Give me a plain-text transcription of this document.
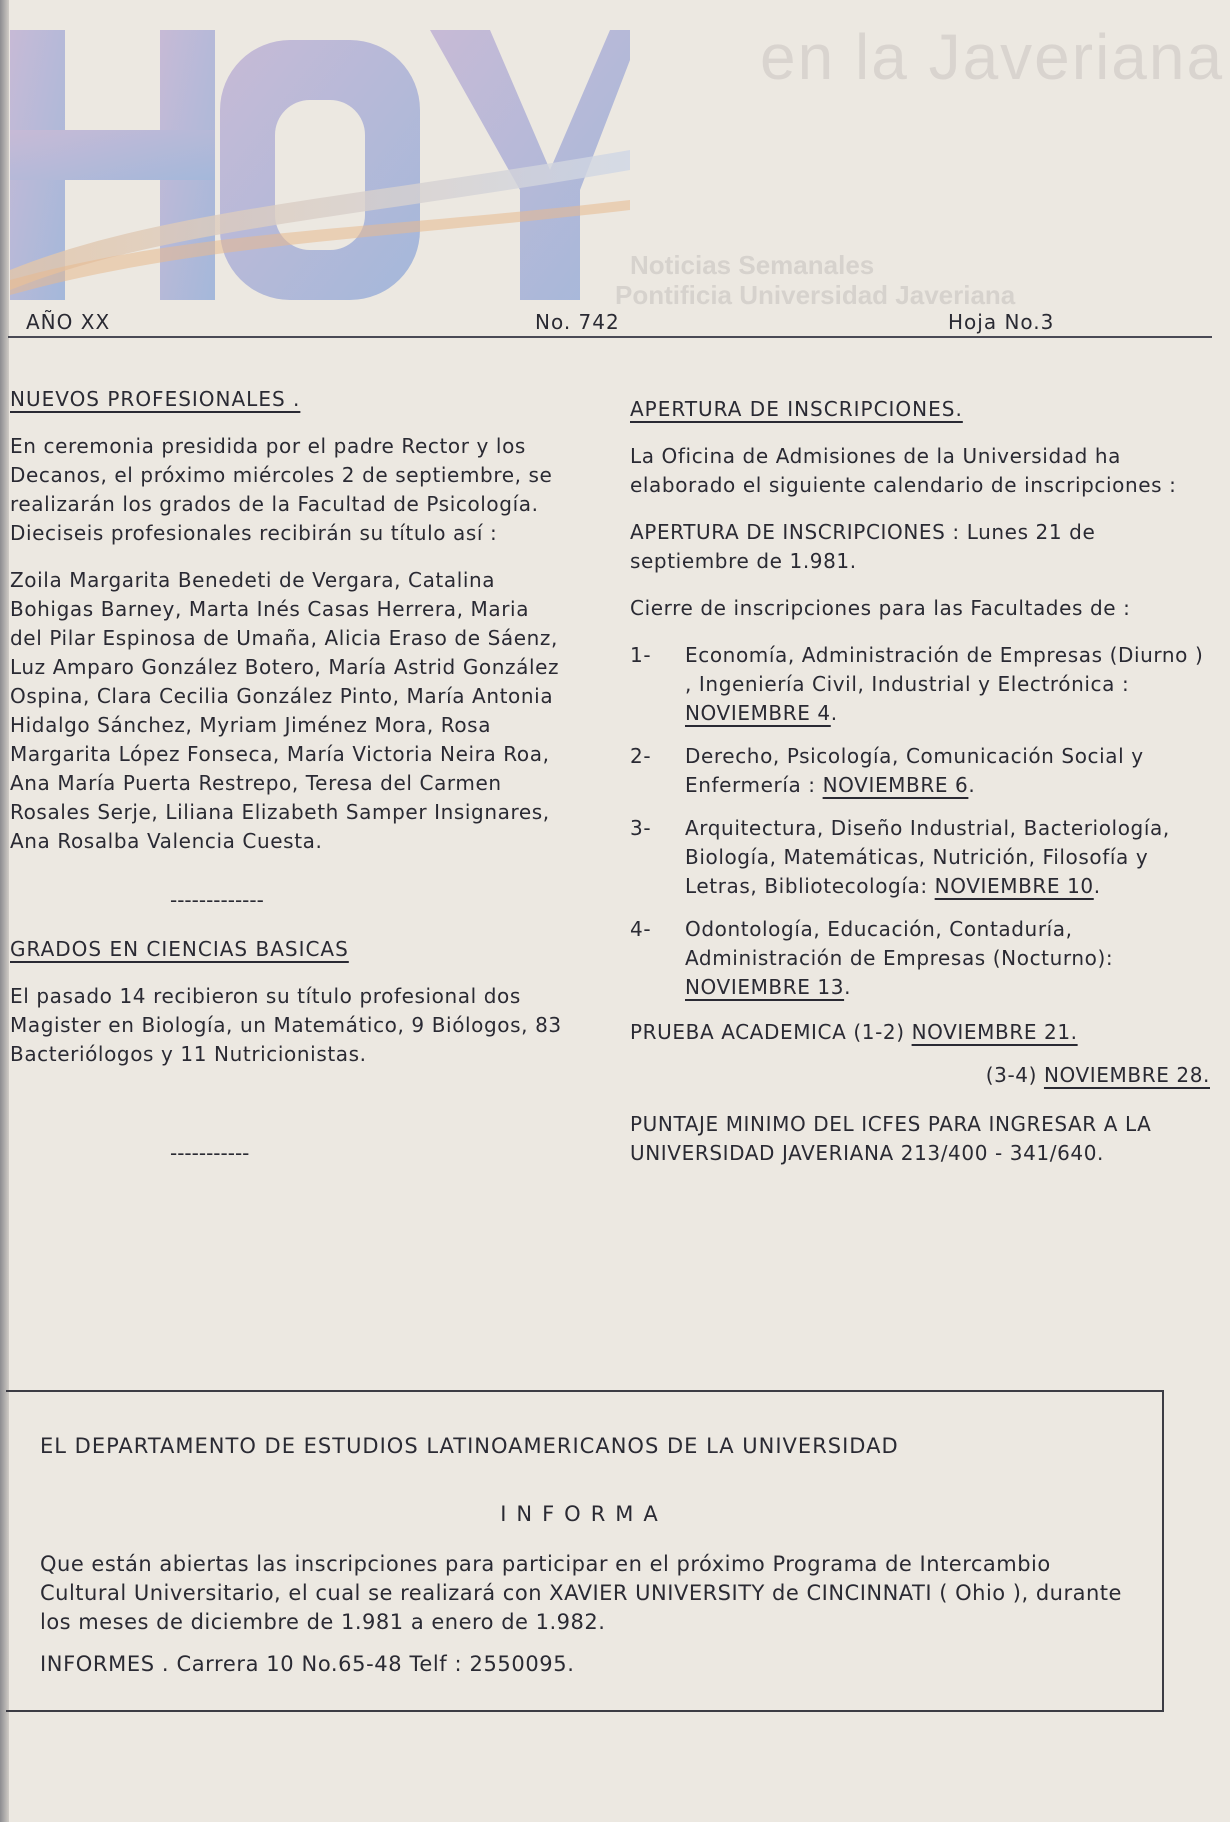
en la Javeriana
Noticias Semanales
Pontificia Universidad Javeriana
AÑO XX	No. 742	Hoja No.3
NUEVOS PROFESIONALES .

En ceremonia presidida por el padre Rector y los Decanos, el próximo miércoles 2 de septiembre, se realizarán los grados de la Facultad de Psicología. Dieciseis profesionales recibirán su título así :

Zoila Margarita Benedeti de Vergara, Catalina Bohigas Barney, Marta Inés Casas Herrera, Maria del Pilar Espinosa de Umaña, Alicia Eraso de Sáenz, Luz Amparo González Botero, María Astrid González Ospina, Clara Cecilia González Pinto, María Antonia Hidalgo Sánchez, Myriam Jiménez Mora, Rosa Margarita López Fonseca, María Victoria Neira Roa, Ana María Puerta Restrepo, Teresa del Carmen Rosales Serje, Liliana Elizabeth Samper Insignares, Ana Rosalba Valencia Cuesta.

-------------
GRADOS EN CIENCIAS BASICAS

El pasado 14 recibieron su título profesional dos Magister en Biología, un Matemático, 9 Biólogos, 83 Bacteriólogos y 11 Nutricionistas.

-----------
APERTURA DE INSCRIPCIONES.

La Oficina de Admisiones de la Universidad ha elaborado el siguiente calendario de inscripciones :

APERTURA DE INSCRIPCIONES : Lunes 21 de septiembre de 1.981.

Cierre de inscripciones para las Facultades de :

1-	Economía, Administración de Empresas (Diurno ) , Ingeniería Civil, Industrial y Electrónica : NOVIEMBRE 4.
2-	Derecho, Psicología, Comunicación Social y Enfermería : NOVIEMBRE 6.
3-	Arquitectura, Diseño Industrial, Bacteriología, Biología, Matemáticas, Nutrición, Filosofía y Letras, Bibliotecología: NOVIEMBRE 10.
4-	Odontología, Educación, Contaduría, Administración de Empresas (Nocturno): NOVIEMBRE 13.
PRUEBA ACADEMICA (1-2) NOVIEMBRE 21.
(3-4) NOVIEMBRE 28.

PUNTAJE MINIMO DEL ICFES PARA INGRESAR A LA UNIVERSIDAD JAVERIANA 213/400 - 341/640.

EL DEPARTAMENTO DE ESTUDIOS LATINOAMERICANOS DE LA UNIVERSIDAD
INFORMA
Que están abiertas las inscripciones para participar en el próximo Programa de Intercambio Cultural Universitario, el cual se realizará con XAVIER UNIVERSITY de CINCINNATI ( Ohio ), durante los meses de diciembre de 1.981 a enero de 1.982.
INFORMES . Carrera 10 No.65-48 Telf : 2550095.
